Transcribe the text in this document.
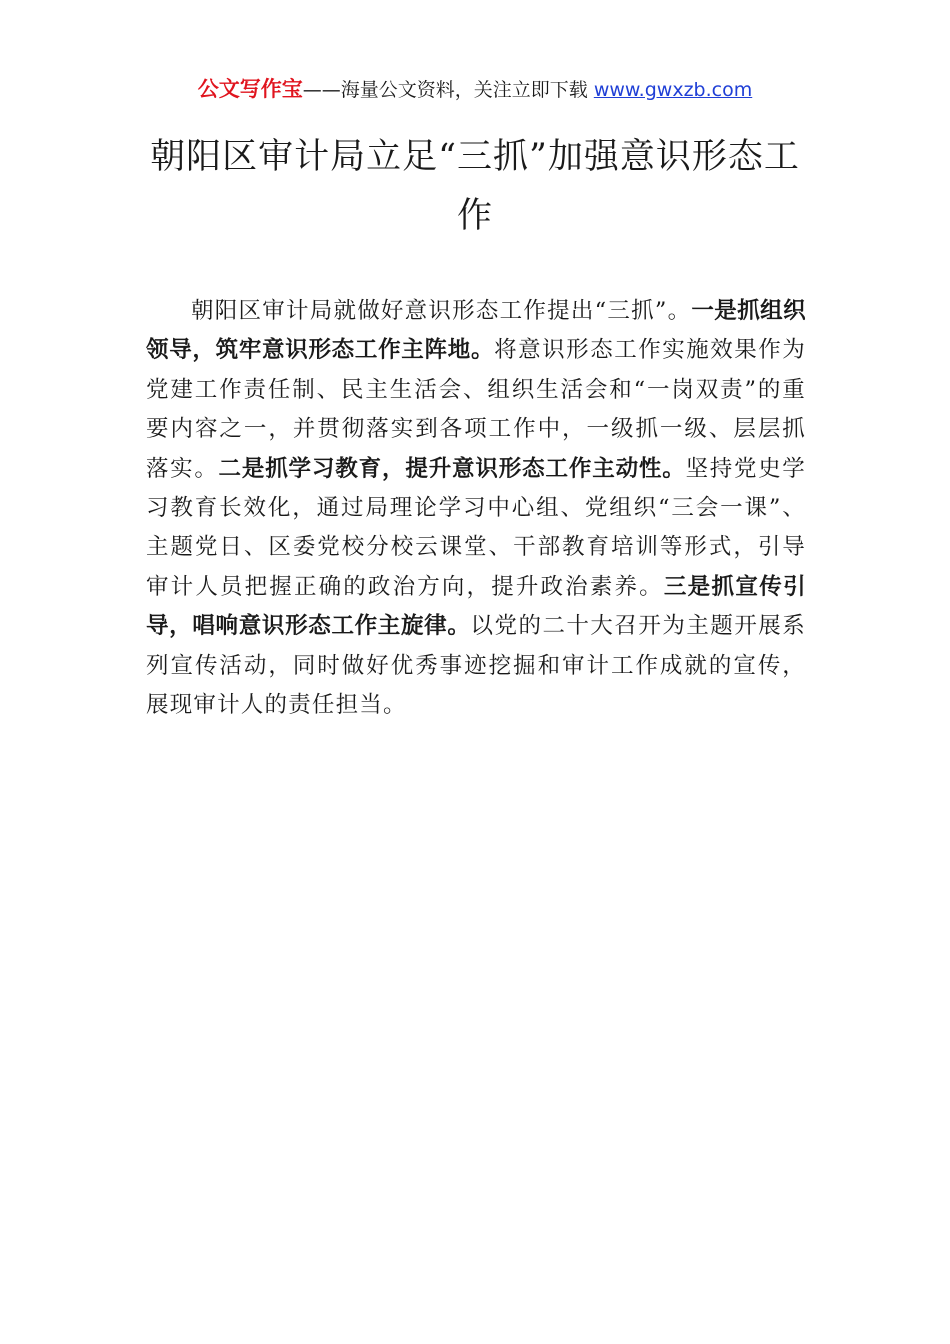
公文写作宝——海量公文资料，关注立即下载 www.gwxzb.com
朝阳区审计局立足“三抓”加强意识形态工作

朝阳区审计局就做好意识形态工作提出“三抓”。一是抓组织领导，筑牢意识形态工作主阵地。将意识形态工作实施效果作为党建工作责任制、民主生活会、组织生活会和“一岗双责”的重要内容之一，并贯彻落实到各项工作中，一级抓一级、层层抓落实。二是抓学习教育，提升意识形态工作主动性。坚持党史学习教育长效化，通过局理论学习中心组、党组织“三会一课”、主题党日、区委党校分校云课堂、干部教育培训等形式，引导审计人员把握正确的政治方向，提升政治素养。三是抓宣传引导，唱响意识形态工作主旋律。以党的二十大召开为主题开展系列宣传活动，同时做好优秀事迹挖掘和审计工作成就的宣传，展现审计人的责任担当。
